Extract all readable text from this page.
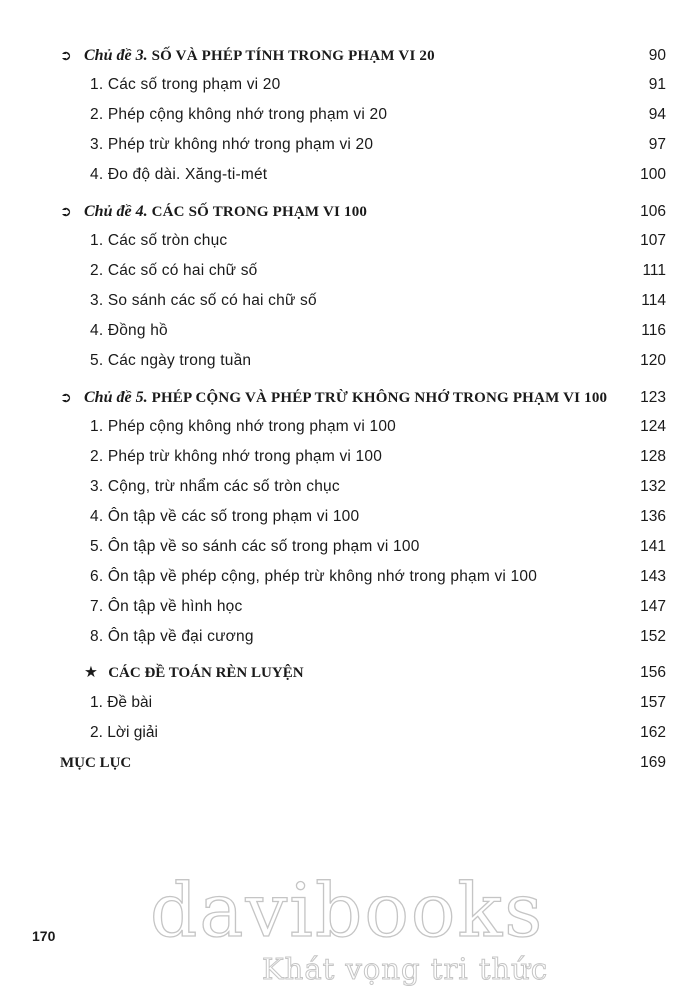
➲ Chủ đề 3. SỐ VÀ PHÉP TÍNH TRONG PHẠM VI 20	90
1. Các số trong phạm vi 20	91
2. Phép cộng không nhớ trong phạm vi 20	94
3. Phép trừ không nhớ trong phạm vi 20	97
4. Đo độ dài. Xăng-ti-mét	100
➲ Chủ đề 4. CÁC SỐ TRONG PHẠM VI 100	106
1. Các số tròn chục	107
2. Các số có hai chữ số	111
3. So sánh các số có hai chữ số	114
4. Đồng hồ	116
5. Các ngày trong tuần	120
➲ Chủ đề 5. PHÉP CỘNG VÀ PHÉP TRỪ KHÔNG NHỚ TRONG PHẠM VI 100	123
1. Phép cộng không nhớ trong phạm vi 100	124
2. Phép trừ không nhớ trong phạm vi 100	128
3. Cộng, trừ nhẩm các số tròn chục	132
4. Ôn tập về các số trong phạm vi 100	136
5. Ôn tập về so sánh các số trong phạm vi 100	141
6. Ôn tập về phép cộng, phép trừ không nhớ trong phạm vi 100	143
7. Ôn tập về hình học	147
8. Ôn tập về đại cương	152
★ CÁC ĐỀ TOÁN RÈN LUYỆN	156
1. Đề bài	157
2. Lời giải	162
MỤC LỤC	169
170 davibooks
Khát vọng tri thức
